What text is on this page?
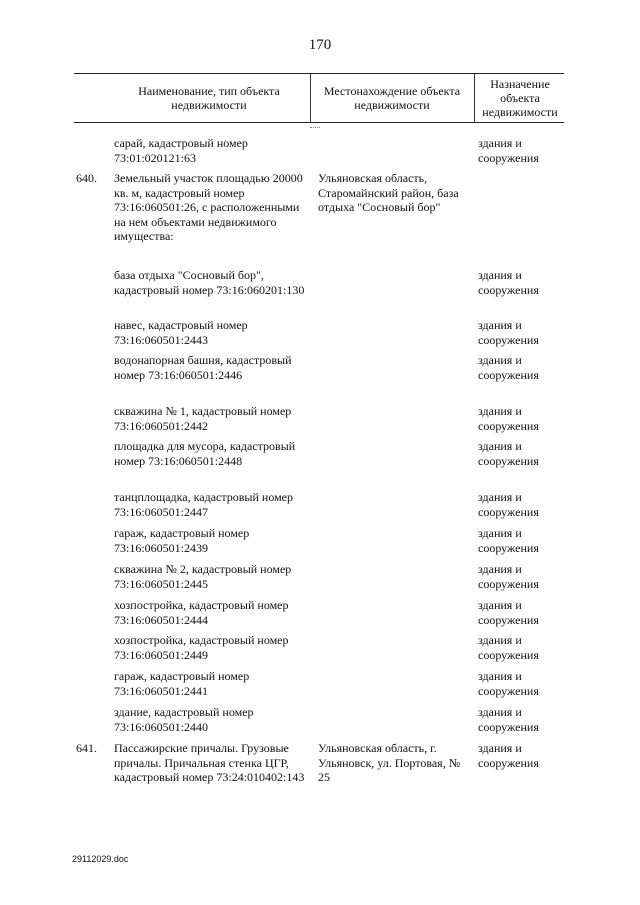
170
Наименование, тип объекта недвижимости
Местонахождение объекта недвижимости
Назначение объекта недвижимости
сарай, кадастровый номер 73:01:020121:63
здания и сооружения
640.	Земельный участок площадью 20000 кв. м, кадастровый номер 73:16:060501:26, с расположенными на нем объектами недвижимого имущества:
Ульяновская область, Старомайнский район, база отдыха "Сосновый бор"
база отдыха "Сосновый бор", кадастровый номер 73:16:060201:130
здания и сооружения
навес, кадастровый номер 73:16:060501:2443
здания и сооружения
водонапорная башня, кадастровый номер 73:16:060501:2446
здания и сооружения
скважина № 1, кадастровый номер 73:16:060501:2442
здания и сооружения
площадка для мусора, кадастровый номер 73:16:060501:2448
здания и сооружения
танцплощадка, кадастровый номер 73:16:060501:2447
здания и сооружения
гараж, кадастровый номер 73:16:060501:2439
здания и сооружения
скважина № 2, кадастровый номер 73:16:060501:2445
здания и сооружения
хозпостройка, кадастровый номер 73:16:060501:2444
здания и сооружения
хозпостройка, кадастровый номер 73:16:060501:2449
здания и сооружения
гараж, кадастровый номер 73:16:060501:2441
здания и сооружения
здание, кадастровый номер 73:16:060501:2440
здания и сооружения
641.	Пассажирские причалы. Грузовые причалы. Причальная стенка ЦГР, кадастровый номер 73:24:010402:143
Ульяновская область, г. Ульяновск, ул. Портовая, № 25
здания и сооружения
29112029.doc
